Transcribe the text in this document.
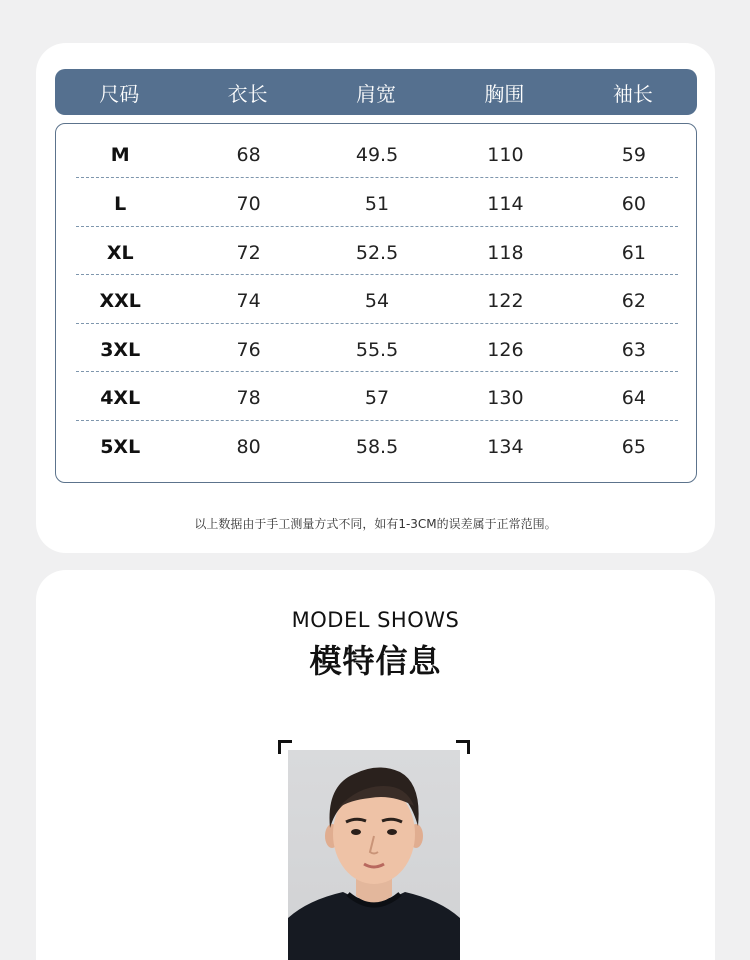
尺码	衣长	肩宽	胸围	袖长
M	68	49.5	110	59
L	70	51	114	60
XL	72	52.5	118	61
XXL	74	54	122	62
3XL	76	55.5	126	63
4XL	78	57	130	64
5XL	80	58.5	134	65
以上数据由于手工测量方式不同，如有1-3CM的误差属于正常范围。
MODEL SHOWS
模特信息
